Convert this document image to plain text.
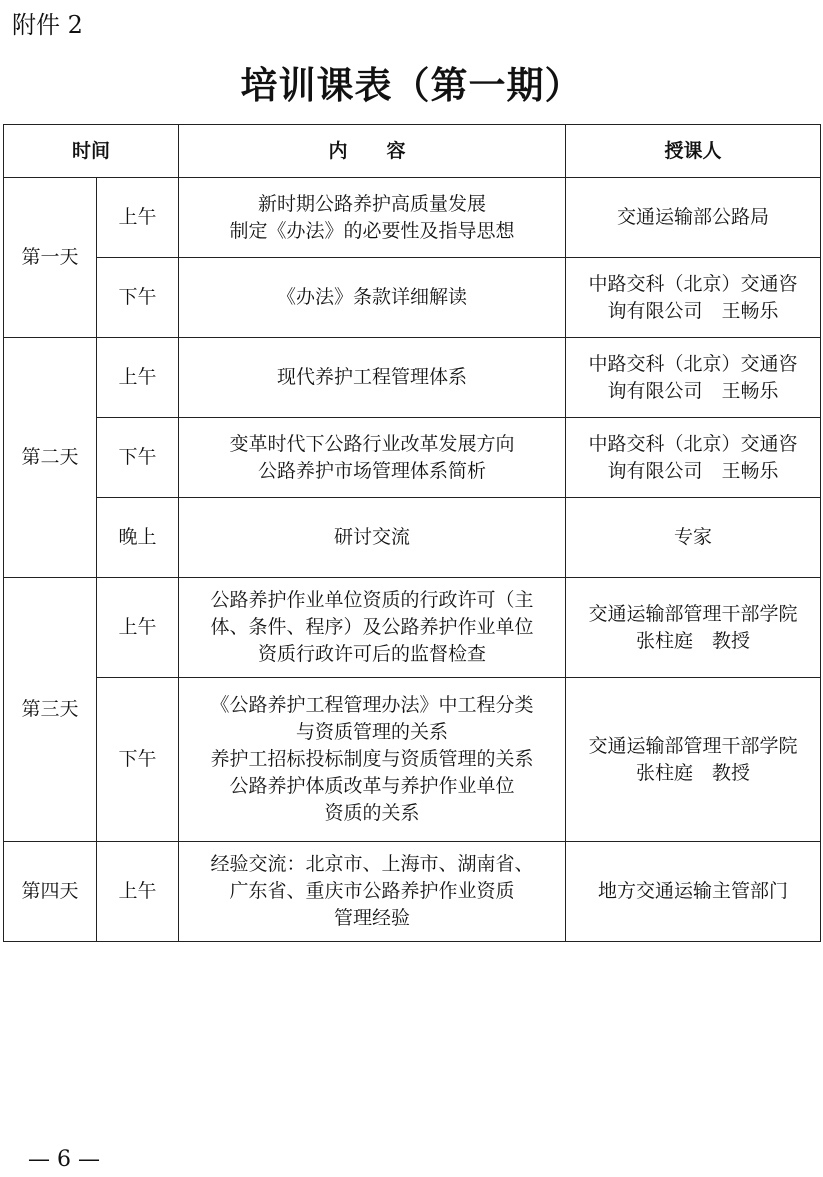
附件 2
培训课表（第一期）
时间		内　容	授课人
第一天	上午	新时期公路养护高质量发展
制定《办法》的必要性及指导思想	交通运输部公路局

	下午	《办法》条款详细解读	中路交科（北京）交通咨
询有限公司　王畅乐

第二天	上午	现代养护工程管理体系	中路交科（北京）交通咨
询有限公司　王畅乐

	下午	变革时代下公路行业改革发展方向
公路养护市场管理体系简析	中路交科（北京）交通咨
询有限公司　王畅乐

	晚上	研讨交流	专家

第三天	上午	公路养护作业单位资质的行政许可（主
体、条件、程序）及公路养护作业单位
资质行政许可后的监督检查	交通运输部管理干部学院
张柱庭　教授

	下午	《公路养护工程管理办法》中工程分类
与资质管理的关系
养护工招标投标制度与资质管理的关系
公路养护体质改革与养护作业单位
资质的关系	交通运输部管理干部学院
张柱庭　教授

第四天	上午	经验交流：北京市、上海市、湖南省、
广东省、重庆市公路养护作业资质
管理经验	地方交通运输主管部门
— 6 —
